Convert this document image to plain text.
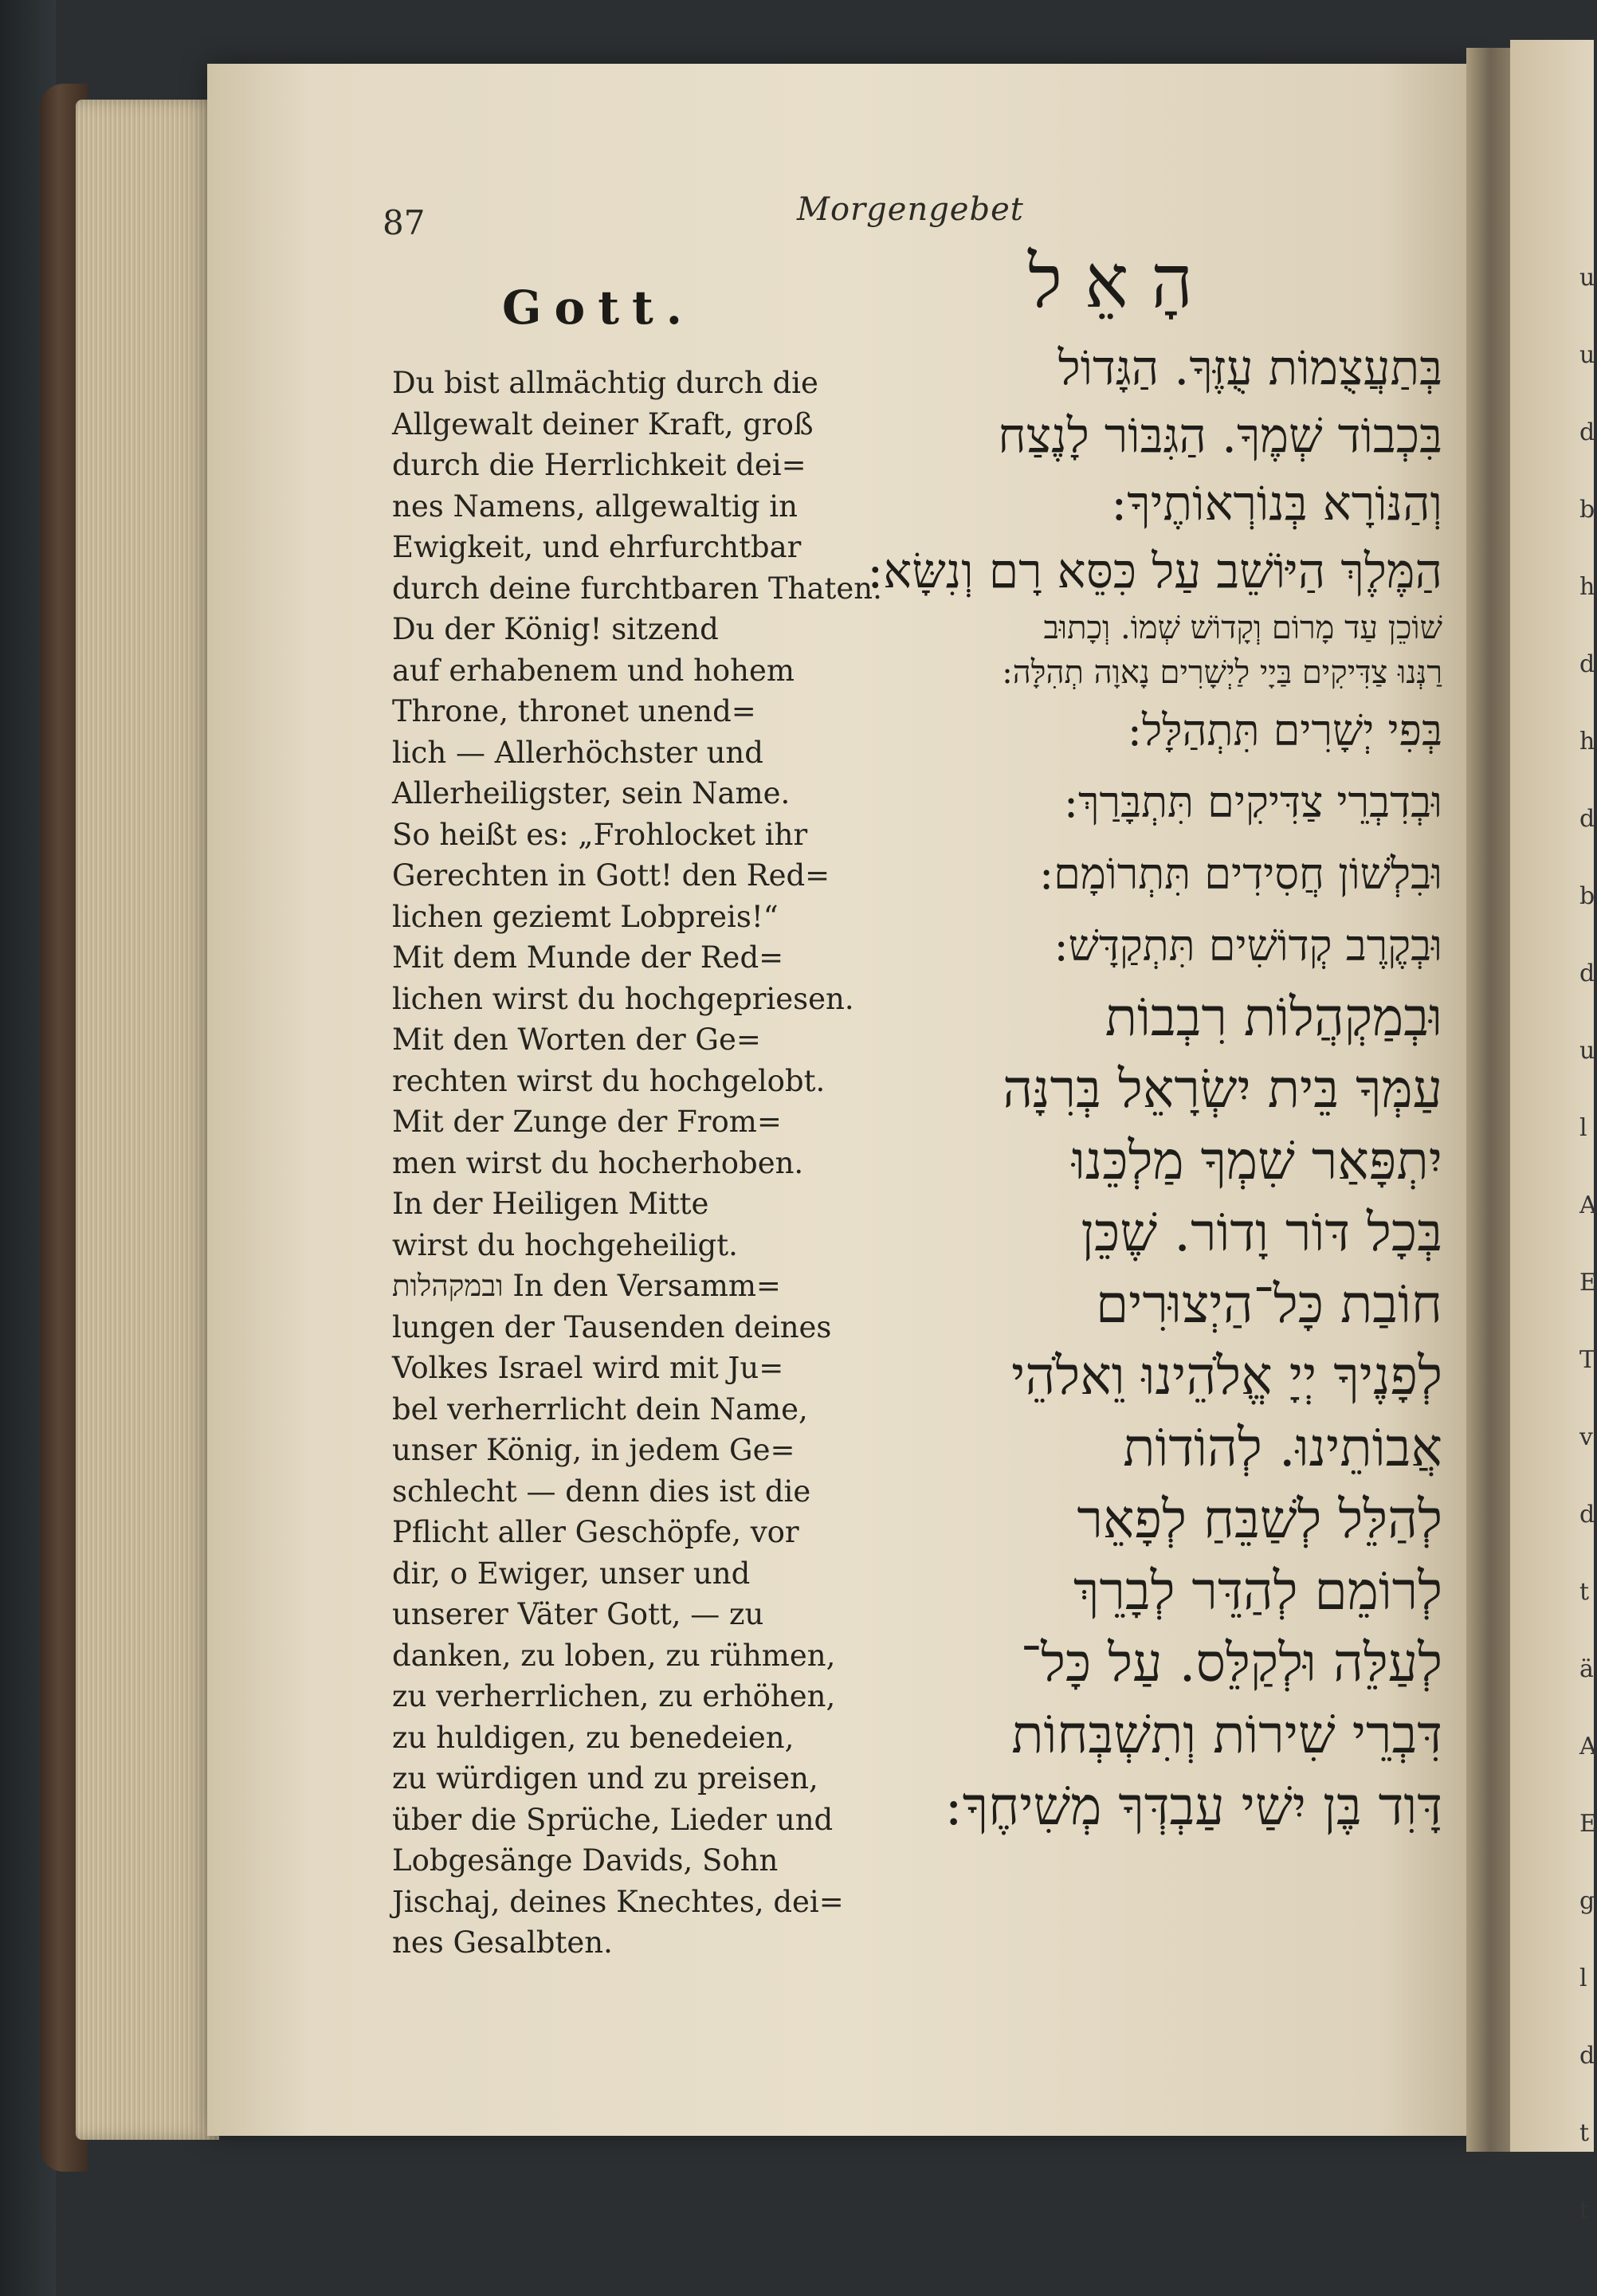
u
u
d
b
h
d
h
d
b
d
u
l
A
E
T
v
d
t
ä
A
E
g
l
d
t
t
87	Morgengebet
Gott.
Du bist allmächtig durch die
Allgewalt deiner Kraft, groß
durch die Herrlichkeit dei=
nes Namens, allgewaltig in
Ewigkeit, und ehrfurchtbar
durch deine furchtbaren Thaten.
Du der König! sitzend
auf erhabenem und hohem
Throne, thronet unend=
lich — Allerhöchster und
Allerheiligster, sein Name.
So heißt es: „Frohlocket ihr
Gerechten in Gott! den Red=
lichen geziemt Lobpreis!“
Mit dem Munde der Red=
lichen wirst du hochgepriesen.
Mit den Worten der Ge=
rechten wirst du hochgelobt.
Mit der Zunge der From=
men wirst du hocherhoben.
In der Heiligen Mitte
wirst du hochgeheiligt.
ובמקהלות In den Versamm=
lungen der Tausenden deines
Volkes Israel wird mit Ju=
bel verherrlicht dein Name,
unser König, in jedem Ge=
schlecht — denn dies ist die
Pflicht aller Geschöpfe, vor
dir, o Ewiger, unser und
unserer Väter Gott, — zu
danken, zu loben, zu rühmen,
zu verherrlichen, zu erhöhen,
zu huldigen, zu benedeien,
zu würdigen und zu preisen,
über die Sprüche, Lieder und
Lobgesänge Davids, Sohn
Jischaj, deines Knechtes, dei=
nes Gesalbten.
הָאֵל
בְּתַעֲצֻמוֹת עֻזֶּךָ. הַגָּדוֹל
בִּכְבוֹד שְׁמֶךָ. הַגִּבּוֹר לָנֶצַח
וְהַנּוֹרָא בְּנוֹרְאוֹתֶיךָ:
הַמֶּלֶךְ הַיּוֹשֵׁב עַל כִּסֵּא רָם וְנִשָּׂא:
שׁוֹכֵן עַד מָרוֹם וְקָדוֹשׁ שְׁמוֹ. וְכָתוּב
רַנְּנוּ צַדִּיקִים בַּיָי לַיְשָׁרִים נָאוָה תְהִלָּה:
בְּפִי יְשָׁרִים תִּתְהַלָּל:
וּבְדִבְרֵי צַדִּיקִים תִּתְבָּרַךְ:
וּבִלְשׁוֹן חֲסִידִים תִּתְרוֹמָם:
וּבְקֶרֶב קְדוֹשִׁים תִּתְקַדָּשׁ:
וּבְמַקְהֲלוֹת רִבְבוֹת
עַמְּךָ בֵּית יִשְׂרָאֵל בְּרִנָּה
יִתְפָּאַר שִׁמְךָ מַלְכֵּנוּ
בְּכָל דּוֹר וָדוֹר. שֶׁכֵּן
חוֹבַת כָּל־הַיְצוּרִים
לְפָנֶיךָ יְיָ אֱלֹהֵינוּ וֵאלֹהֵי
אֲבוֹתֵינוּ. לְהוֹדוֹת
לְהַלֵּל לְשַׁבֵּחַ לְפָאֵר
לְרוֹמֵם לְהַדֵּר לְבָרֵךְ
לְעַלֵּה וּלְקַלֵּס. עַל כָּל־
דִּבְרֵי שִׁירוֹת וְתִשְׁבְּחוֹת
דָּוִד בֶּן יִשַׁי עַבְדְּךָ מְשִׁיחֶךָ:
